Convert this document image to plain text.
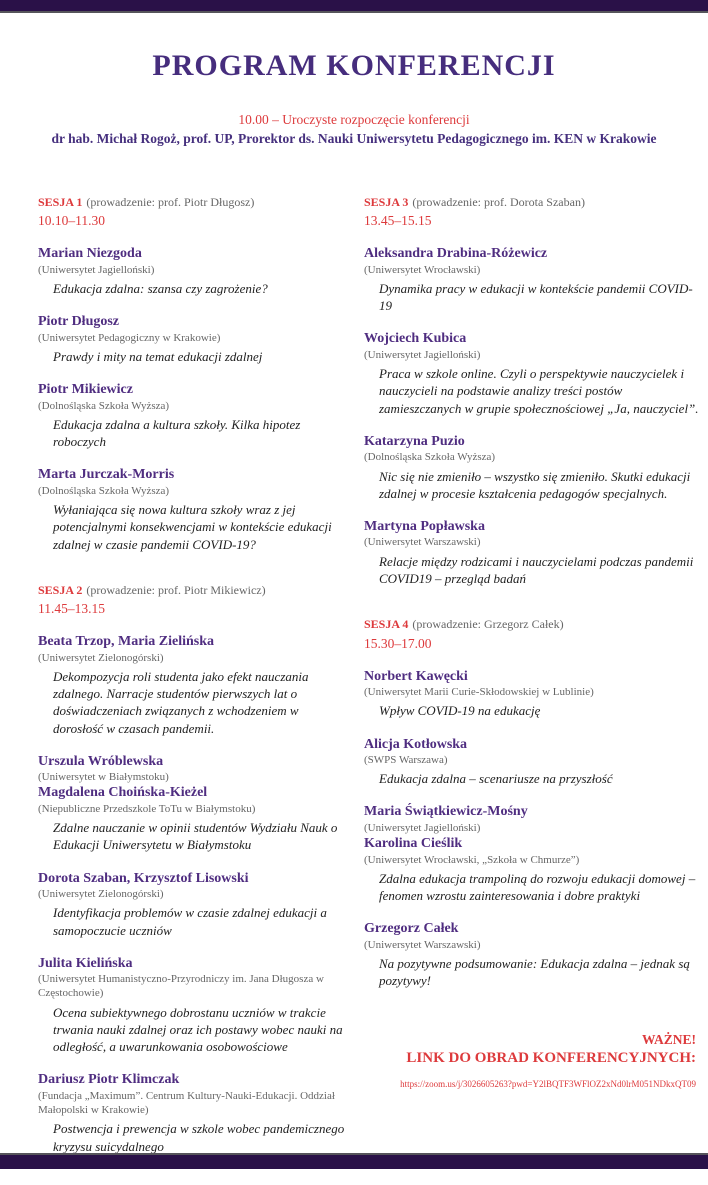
PROGRAM KONFERENCJI
10.00 – Uroczyste rozpoczęcie konferencji
dr hab. Michał Rogoż, prof. UP, Prorektor ds. Nauki Uniwersytetu Pedagogicznego im. KEN w Krakowie
SESJA 1 (prowadzenie: prof. Piotr Długosz)
10.10–11.30
Marian Niezgoda
(Uniwersytet Jagielloński)
Edukacja zdalna: szansa czy zagrożenie?
Piotr Długosz
(Uniwersytet Pedagogiczny w Krakowie)
Prawdy i mity na temat edukacji zdalnej
Piotr Mikiewicz
(Dolnośląska Szkoła Wyższa)
Edukacja zdalna a kultura szkoły. Kilka hipotez roboczych
Marta Jurczak-Morris
(Dolnośląska Szkoła Wyższa)
Wyłaniająca się nowa kultura szkoły wraz z jej potencjalnymi konsekwencjami w kontekście edukacji zdalnej w czasie pandemii COVID-19?
SESJA 2 (prowadzenie: prof. Piotr Mikiewicz)
11.45–13.15
Beata Trzop, Maria Zielińska
(Uniwersytet Zielonogórski)
Dekompozycja roli studenta jako efekt nauczania zdalnego. Narracje studentów pierwszych lat o doświadczeniach związanych z wchodzeniem w dorosłość w czasach pandemii.
Urszula Wróblewska
(Uniwersytet w Białymstoku)
Magdalena Choińska-Kieżel
(Niepubliczne Przedszkole ToTu w Białymstoku)
Zdalne nauczanie w opinii studentów Wydziału Nauk o Edukacji Uniwersytetu w Białymstoku
Dorota Szaban, Krzysztof Lisowski
(Uniwersytet Zielonogórski)
Identyfikacja problemów w czasie zdalnej edukacji a samopoczucie uczniów
Julita Kielińska
(Uniwersytet Humanistyczno-Przyrodniczy im. Jana Długosza w Częstochowie)
Ocena subiektywnego dobrostanu uczniów w trakcie trwania nauki zdalnej oraz ich postawy wobec nauki na odległość, a uwarunkowania osobowościowe
Dariusz Piotr Klimczak
(Fundacja „Maximum”. Centrum Kultury-Nauki-Edukacji. Oddział Małopolski w Krakowie)
Postwencja i prewencja w szkole wobec pandemicznego kryzysu suicydalnego
SESJA 3 (prowadzenie: prof. Dorota Szaban)
13.45–15.15
Aleksandra Drabina-Różewicz
(Uniwersytet Wrocławski)
Dynamika pracy w edukacji w kontekście pandemii COVID-19
Wojciech Kubica
(Uniwersytet Jagielloński)
Praca w szkole online. Czyli o perspektywie nauczycielek i nauczycieli na podstawie analizy treści postów zamieszczanych w grupie społecznościowej „Ja, nauczyciel”.
Katarzyna Puzio
(Dolnośląska Szkoła Wyższa)
Nic się nie zmieniło – wszystko się zmieniło. Skutki edukacji zdalnej w procesie kształcenia pedagogów specjalnych.
Martyna Popławska
(Uniwersytet Warszawski)
Relacje między rodzicami i nauczycielami podczas pandemii COVID19 – przegląd badań
SESJA 4 (prowadzenie: Grzegorz Całek)
15.30–17.00
Norbert Kawęcki
(Uniwersytet Marii Curie-Skłodowskiej w Lublinie)
Wpływ COVID-19 na edukację
Alicja Kotłowska
(SWPS Warszawa)
Edukacja zdalna – scenariusze na przyszłość
Maria Świątkiewicz-Mośny
(Uniwersytet Jagielloński)
Karolina Cieślik
(Uniwersytet Wrocławski, „Szkoła w Chmurze”)
Zdalna edukacja trampoliną do rozwoju edukacji domowej – fenomen wzrostu zainteresowania i dobre praktyki
Grzegorz Całek
(Uniwersytet Warszawski)
Na pozytywne podsumowanie: Edukacja zdalna – jednak są pozytywy!
WAŻNE!
LINK DO OBRAD KONFERENCYJNYCH:
https://zoom.us/j/3026605263?pwd=Y2lBQTF3WFlOZ2xNd0lrM051NDkxQT09
